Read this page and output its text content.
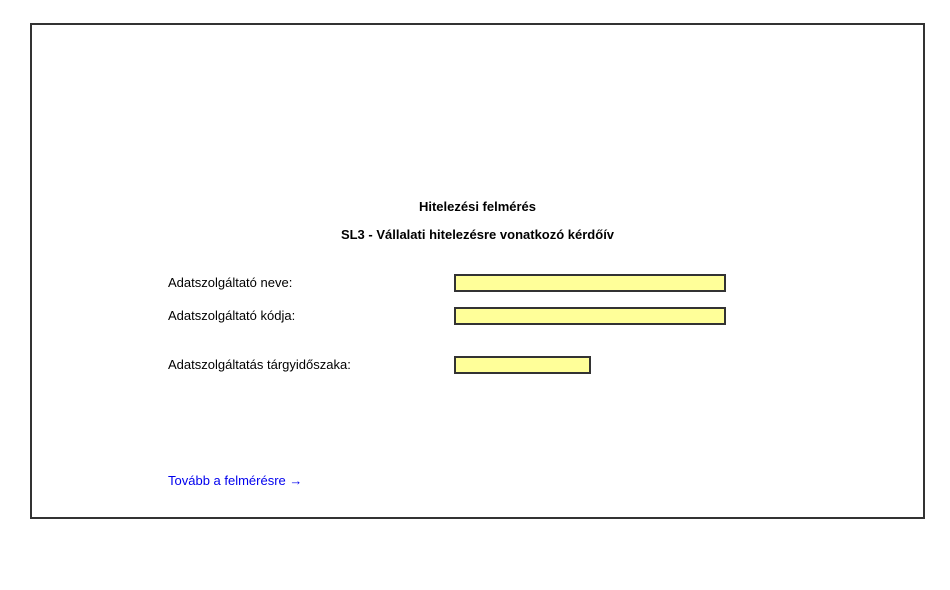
Hitelezési felmérés
SL3 - Vállalati hitelezésre vonatkozó kérdőív
Adatszolgáltató neve:
Adatszolgáltató kódja:
Adatszolgáltatás tárgyidőszaka:
Tovább a felmérésre →
